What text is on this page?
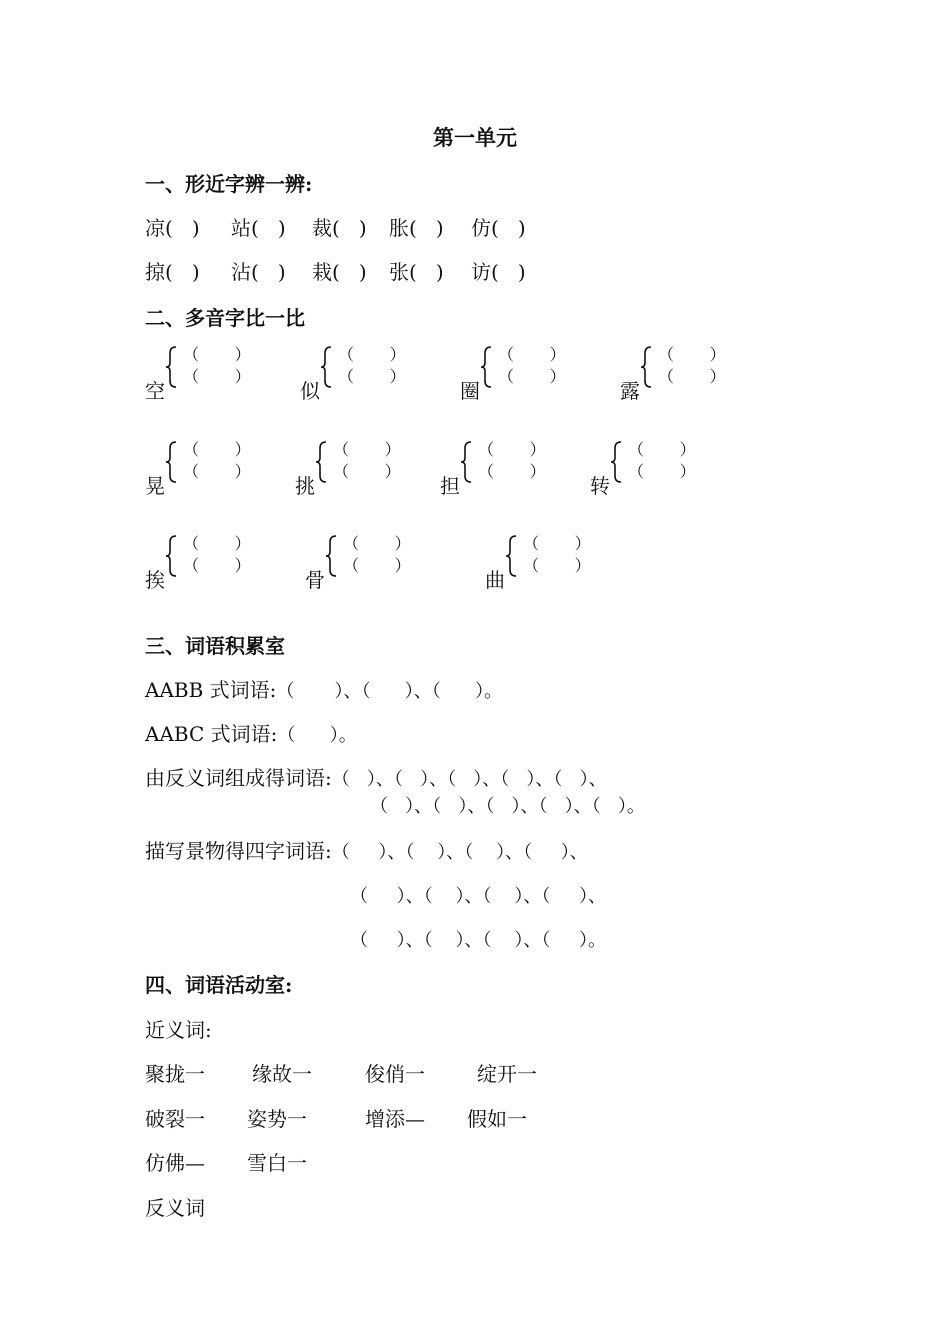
第一单元
一、形近字辨一辨:
凉(   ) 站(   ) 裁(   ) 胀(   ) 仿(   )
掠(   ) 沾(   ) 栽(   ) 张(   ) 访(   )
二、多音字比一比
空
（       ）
（       ）
似
（       ）
（       ）
圈
（       ）
（       ）
露
（       ）
（       ）
晃
（       ）
（       ）
挑
（       ）
（       ）
担
（       ）
（       ）
转
（       ）
（       ）
挨
（       ）
（       ）
骨
（       ）
（       ）
曲
（       ）
（       ）
三、词语积累室
AABB 式词语:（       ）、（      ）、（      ）。
AABC 式词语:（      ）。
由反义词组成得词语:（   ）、（   ）、（   ）、（   ）、（   ）、
（   ）、（   ）、（   ）、（   ）、（   ）。
描写景物得四字词语:（     ）、（    ）、（    ）、（     ）、
（     ）、（    ）、（    ）、（     ）、
（     ）、（    ）、（    ）、（     ）。
四、词语活动室:
近义词:
聚拢一 缘故一	俊俏一	绽开一
破裂一 姿势一	增添— 假如一
仿佛— 雪白一
反义词
